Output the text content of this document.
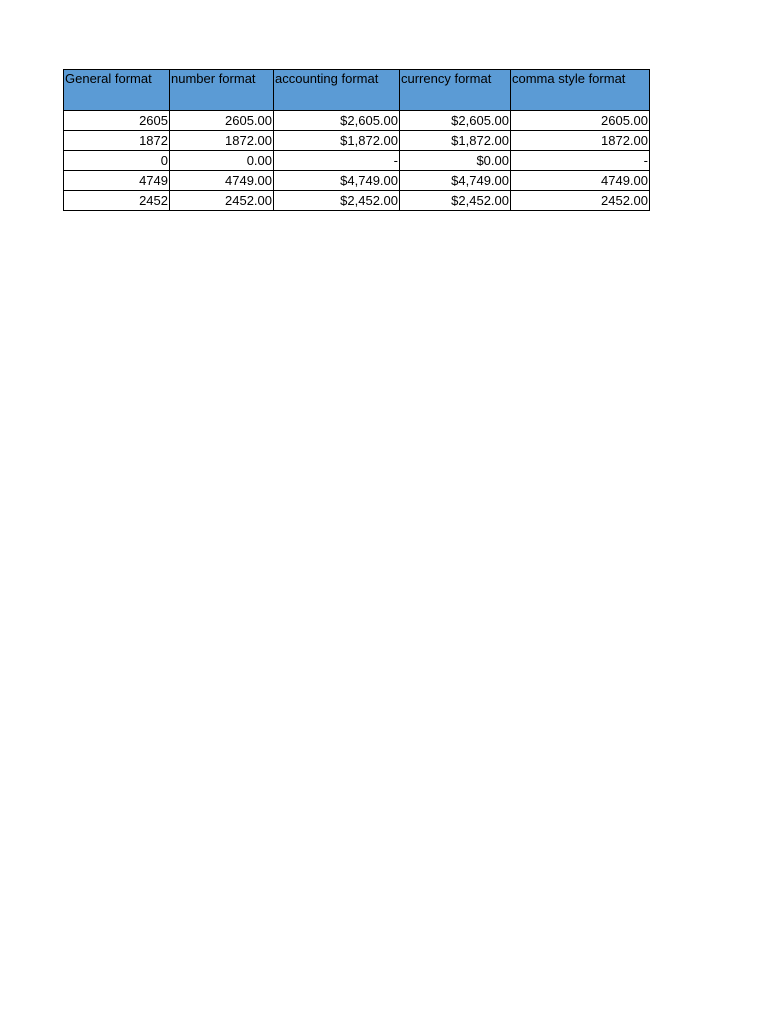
General format	number format	accounting format	currency format	comma style format
2605	2605.00	$2,605.00	$2,605.00	2605.00
1872	1872.00	$1,872.00	$1,872.00	1872.00
0	0.00	-	$0.00	-
4749	4749.00	$4,749.00	$4,749.00	4749.00
2452	2452.00	$2,452.00	$2,452.00	2452.00
